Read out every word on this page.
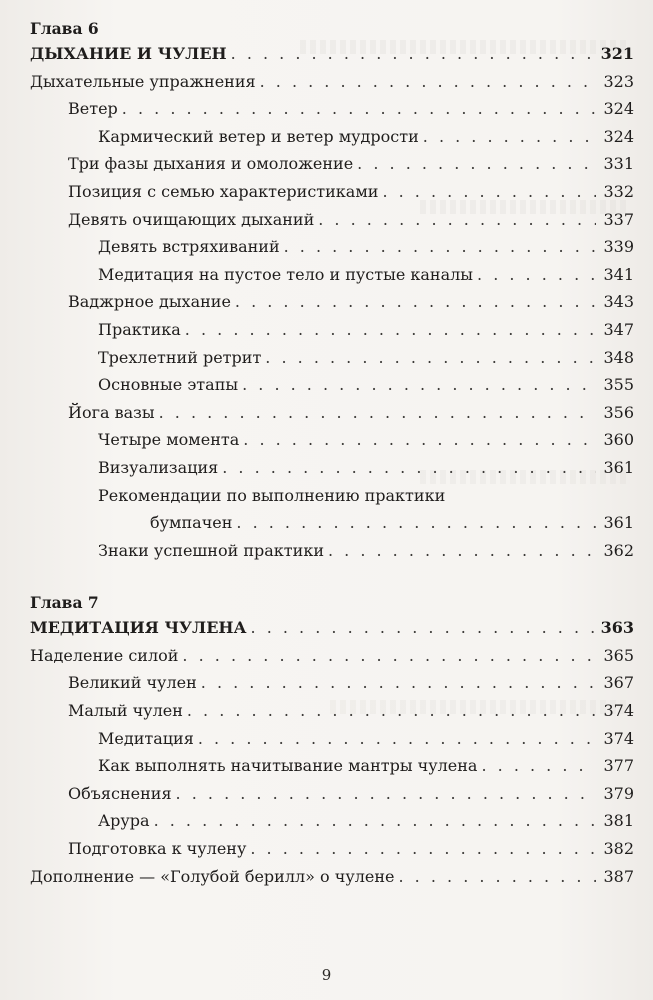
Глава 6
ДЫХАНИЕ И ЧУЛЕН . . .	321
Дыхательные упражнения . . .	323
Ветер . . .	324
Кармический ветер и ветер мудрости . . .	324
Три фазы дыхания и омоложение . . .	331
Позиция с семью характеристиками . . .	332
Девять очищающих дыханий . . .	337
Девять встряхиваний . . .	339
Медитация на пустое тело и пустые каналы . . .	341
Ваджрное дыхание . . .	343
Практика . . .	347
Трехлетний ретрит . . .	348
Основные этапы . . .	355
Йога вазы . . .	356
Четыре момента . . .	360
Визуализация . . .	361
Рекомендации по выполнению практики
бумпачен . . .	361
Знаки успешной практики . . .	362
Глава 7
МЕДИТАЦИЯ ЧУЛЕНА . . .	363
Наделение силой . . .	365
Великий чулен . . .	367
Малый чулен . . .	374
Медитация . . .	374
Как выполнять начитывание мантры чулена . . .	377
Объяснения . . .	379
Арура . . .	381
Подготовка к чулену . . .	382
Дополнение — «Голубой берилл» о чулене . . .	387
9
